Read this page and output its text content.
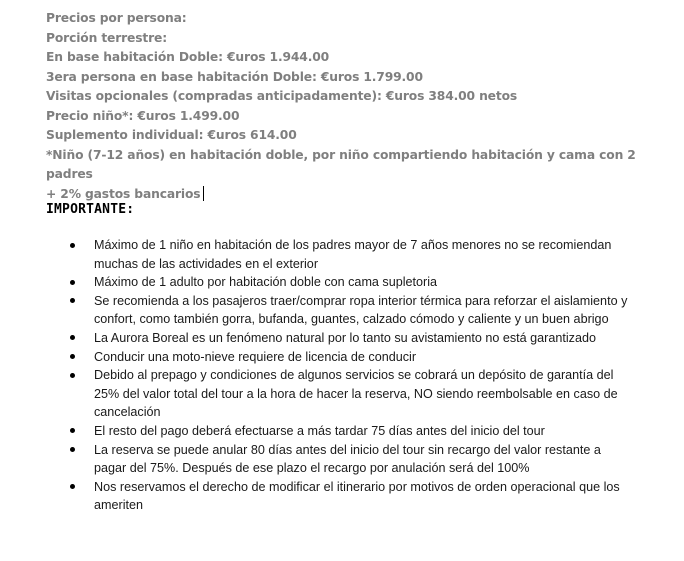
Precios por persona:
Porción terrestre:
En base habitación Doble: €uros 1.944.00
3era persona en base habitación Doble: €uros 1.799.00
Visitas opcionales (compradas anticipadamente): €uros 384.00 netos
Precio niño*: €uros 1.499.00
Suplemento individual: €uros 614.00
*Niño (7-12 años) en habitación doble, por niño compartiendo habitación y cama con 2 padres
+ 2% gastos bancarios
IMPORTANTE:
Máximo de 1 niño en habitación de los padres mayor de 7 años menores no se recomiendan muchas de las actividades en el exterior
Máximo de 1 adulto por habitación doble con cama supletoria
Se recomienda a los pasajeros traer/comprar ropa interior térmica para reforzar el aislamiento y confort, como también gorra, bufanda, guantes, calzado cómodo y caliente y un buen abrigo
La Aurora Boreal es un fenómeno natural por lo tanto su avistamiento no está garantizado
Conducir una moto-nieve requiere de licencia de conducir
Debido al prepago y condiciones de algunos servicios se cobrará un depósito de garantía del 25% del valor total del tour a la hora de hacer la reserva, NO siendo reembolsable en caso de cancelación
El resto del pago deberá efectuarse a más tardar 75 días antes del inicio del tour
La reserva se puede anular 80 días antes del inicio del tour sin recargo del valor restante a pagar del 75%. Después de ese plazo el recargo por anulación será del 100%
Nos reservamos el derecho de modificar el itinerario por motivos de orden operacional que los ameriten
